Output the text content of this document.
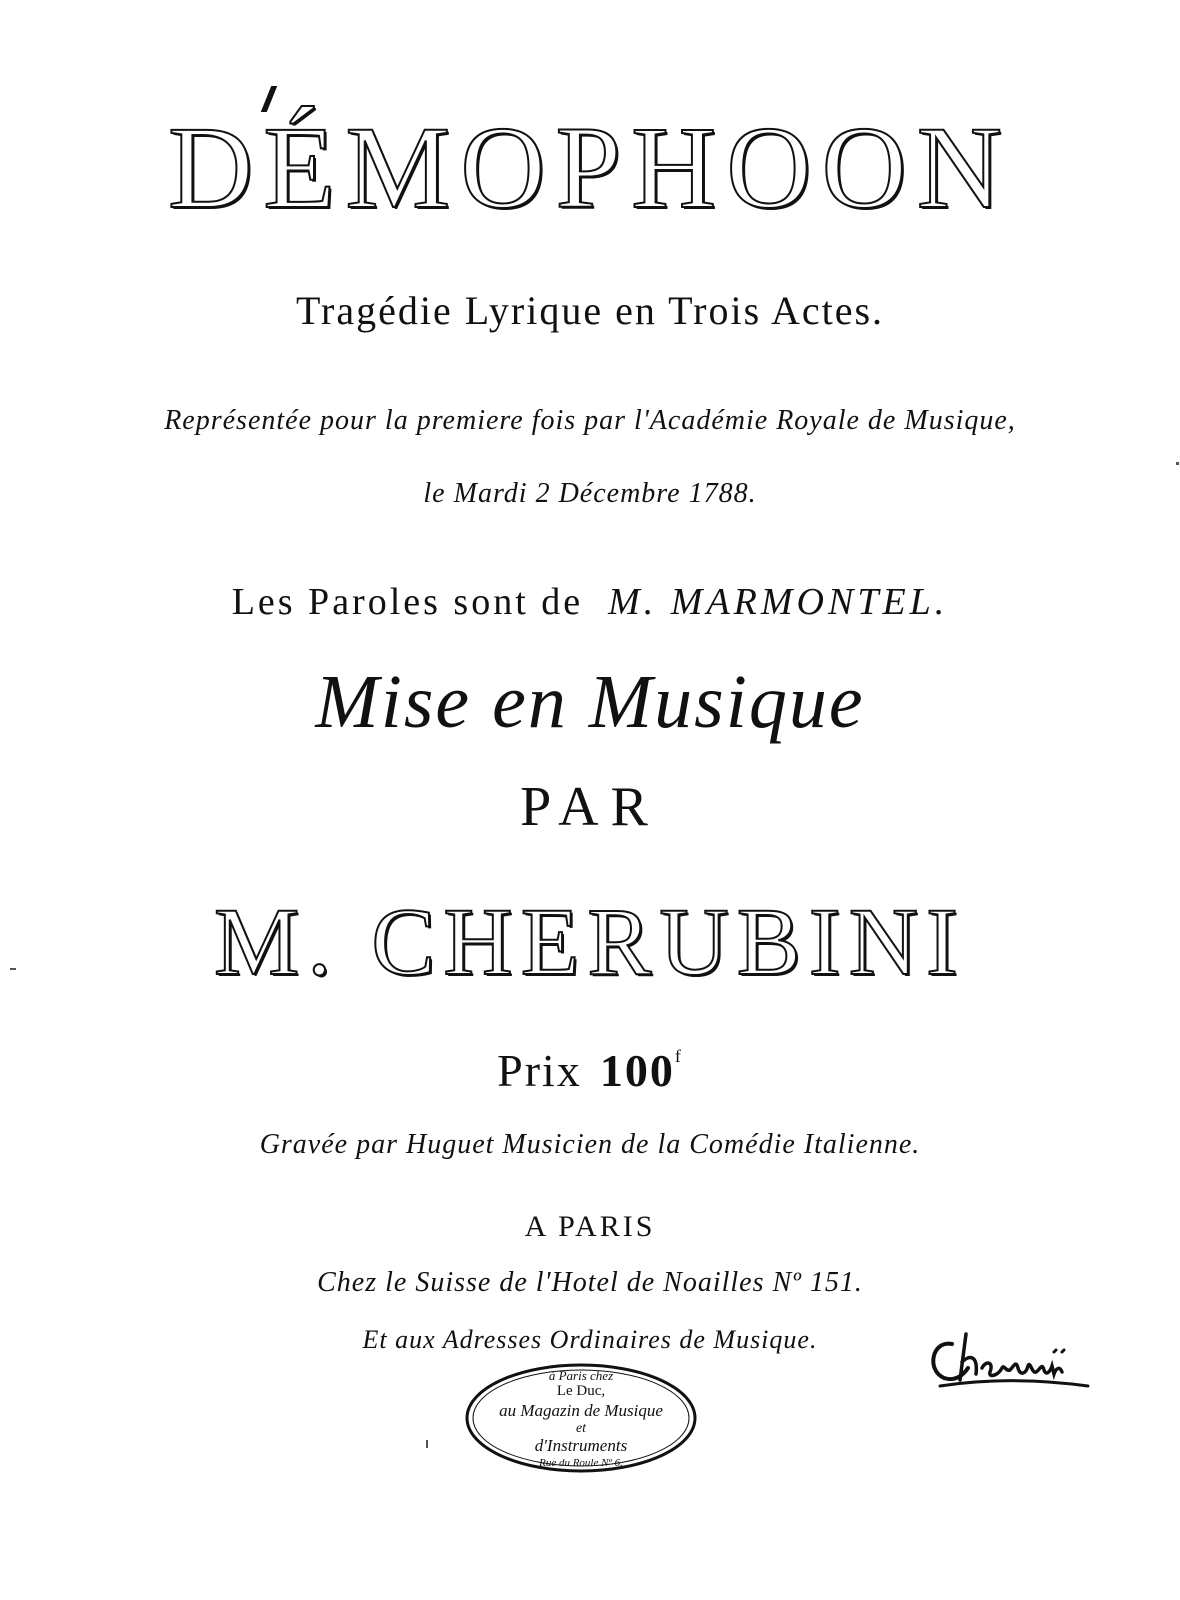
DÉMOPHOON
Tragédie Lyrique en Trois Actes.
Représentée pour la premiere fois par l'Académie Royale de Musique,
le Mardi 2 Décembre 1788.
Les Paroles sont de M. MARMONTEL.
Mise en Musique
PAR
M. CHERUBINI
Prix 100$^f$
Gravée par Huguet Musicien de la Comédie Italienne.
A PARIS
Chez le Suisse de l'Hotel de Noailles Nº 151.
Et aux Adresses Ordinaires de Musique.
à Paris chez
Le Duc,
au Magazin de Musique
et
d'Instruments
Rue du Roule Nº 6.
